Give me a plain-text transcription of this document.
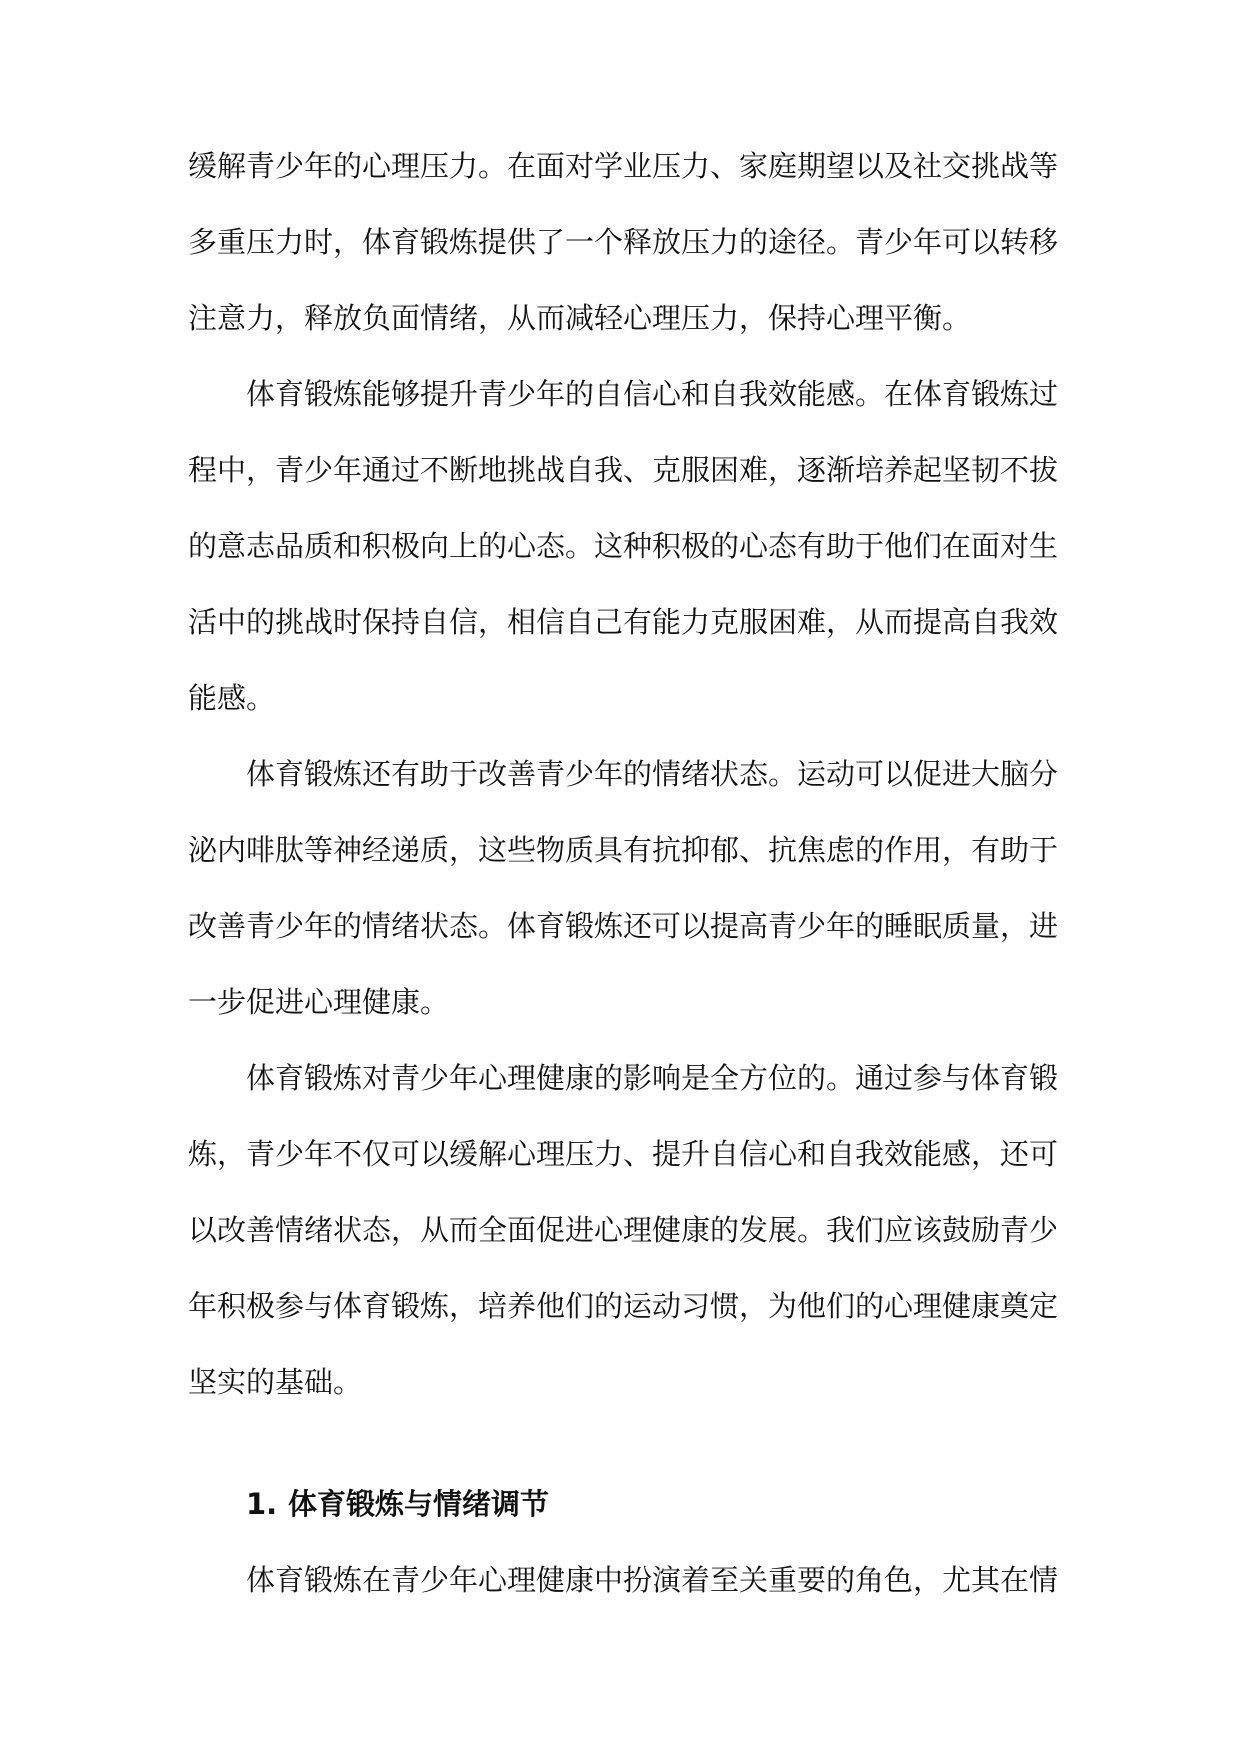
缓解青少年的心理压力。在面对学业压力、家庭期望以及社交挑战等
多重压力时，体育锻炼提供了一个释放压力的途径。青少年可以转移
注意力，释放负面情绪，从而减轻心理压力，保持心理平衡。
体育锻炼能够提升青少年的自信心和自我效能感。在体育锻炼过
程中，青少年通过不断地挑战自我、克服困难，逐渐培养起坚韧不拔
的意志品质和积极向上的心态。这种积极的心态有助于他们在面对生
活中的挑战时保持自信，相信自己有能力克服困难，从而提高自我效
能感。
体育锻炼还有助于改善青少年的情绪状态。运动可以促进大脑分
泌内啡肽等神经递质，这些物质具有抗抑郁、抗焦虑的作用，有助于
改善青少年的情绪状态。体育锻炼还可以提高青少年的睡眠质量，进
一步促进心理健康。
体育锻炼对青少年心理健康的影响是全方位的。通过参与体育锻
炼，青少年不仅可以缓解心理压力、提升自信心和自我效能感，还可
以改善情绪状态，从而全面促进心理健康的发展。我们应该鼓励青少
年积极参与体育锻炼，培养他们的运动习惯，为他们的心理健康奠定
坚实的基础。
1. 体育锻炼与情绪调节
体育锻炼在青少年心理健康中扮演着至关重要的角色，尤其在情
